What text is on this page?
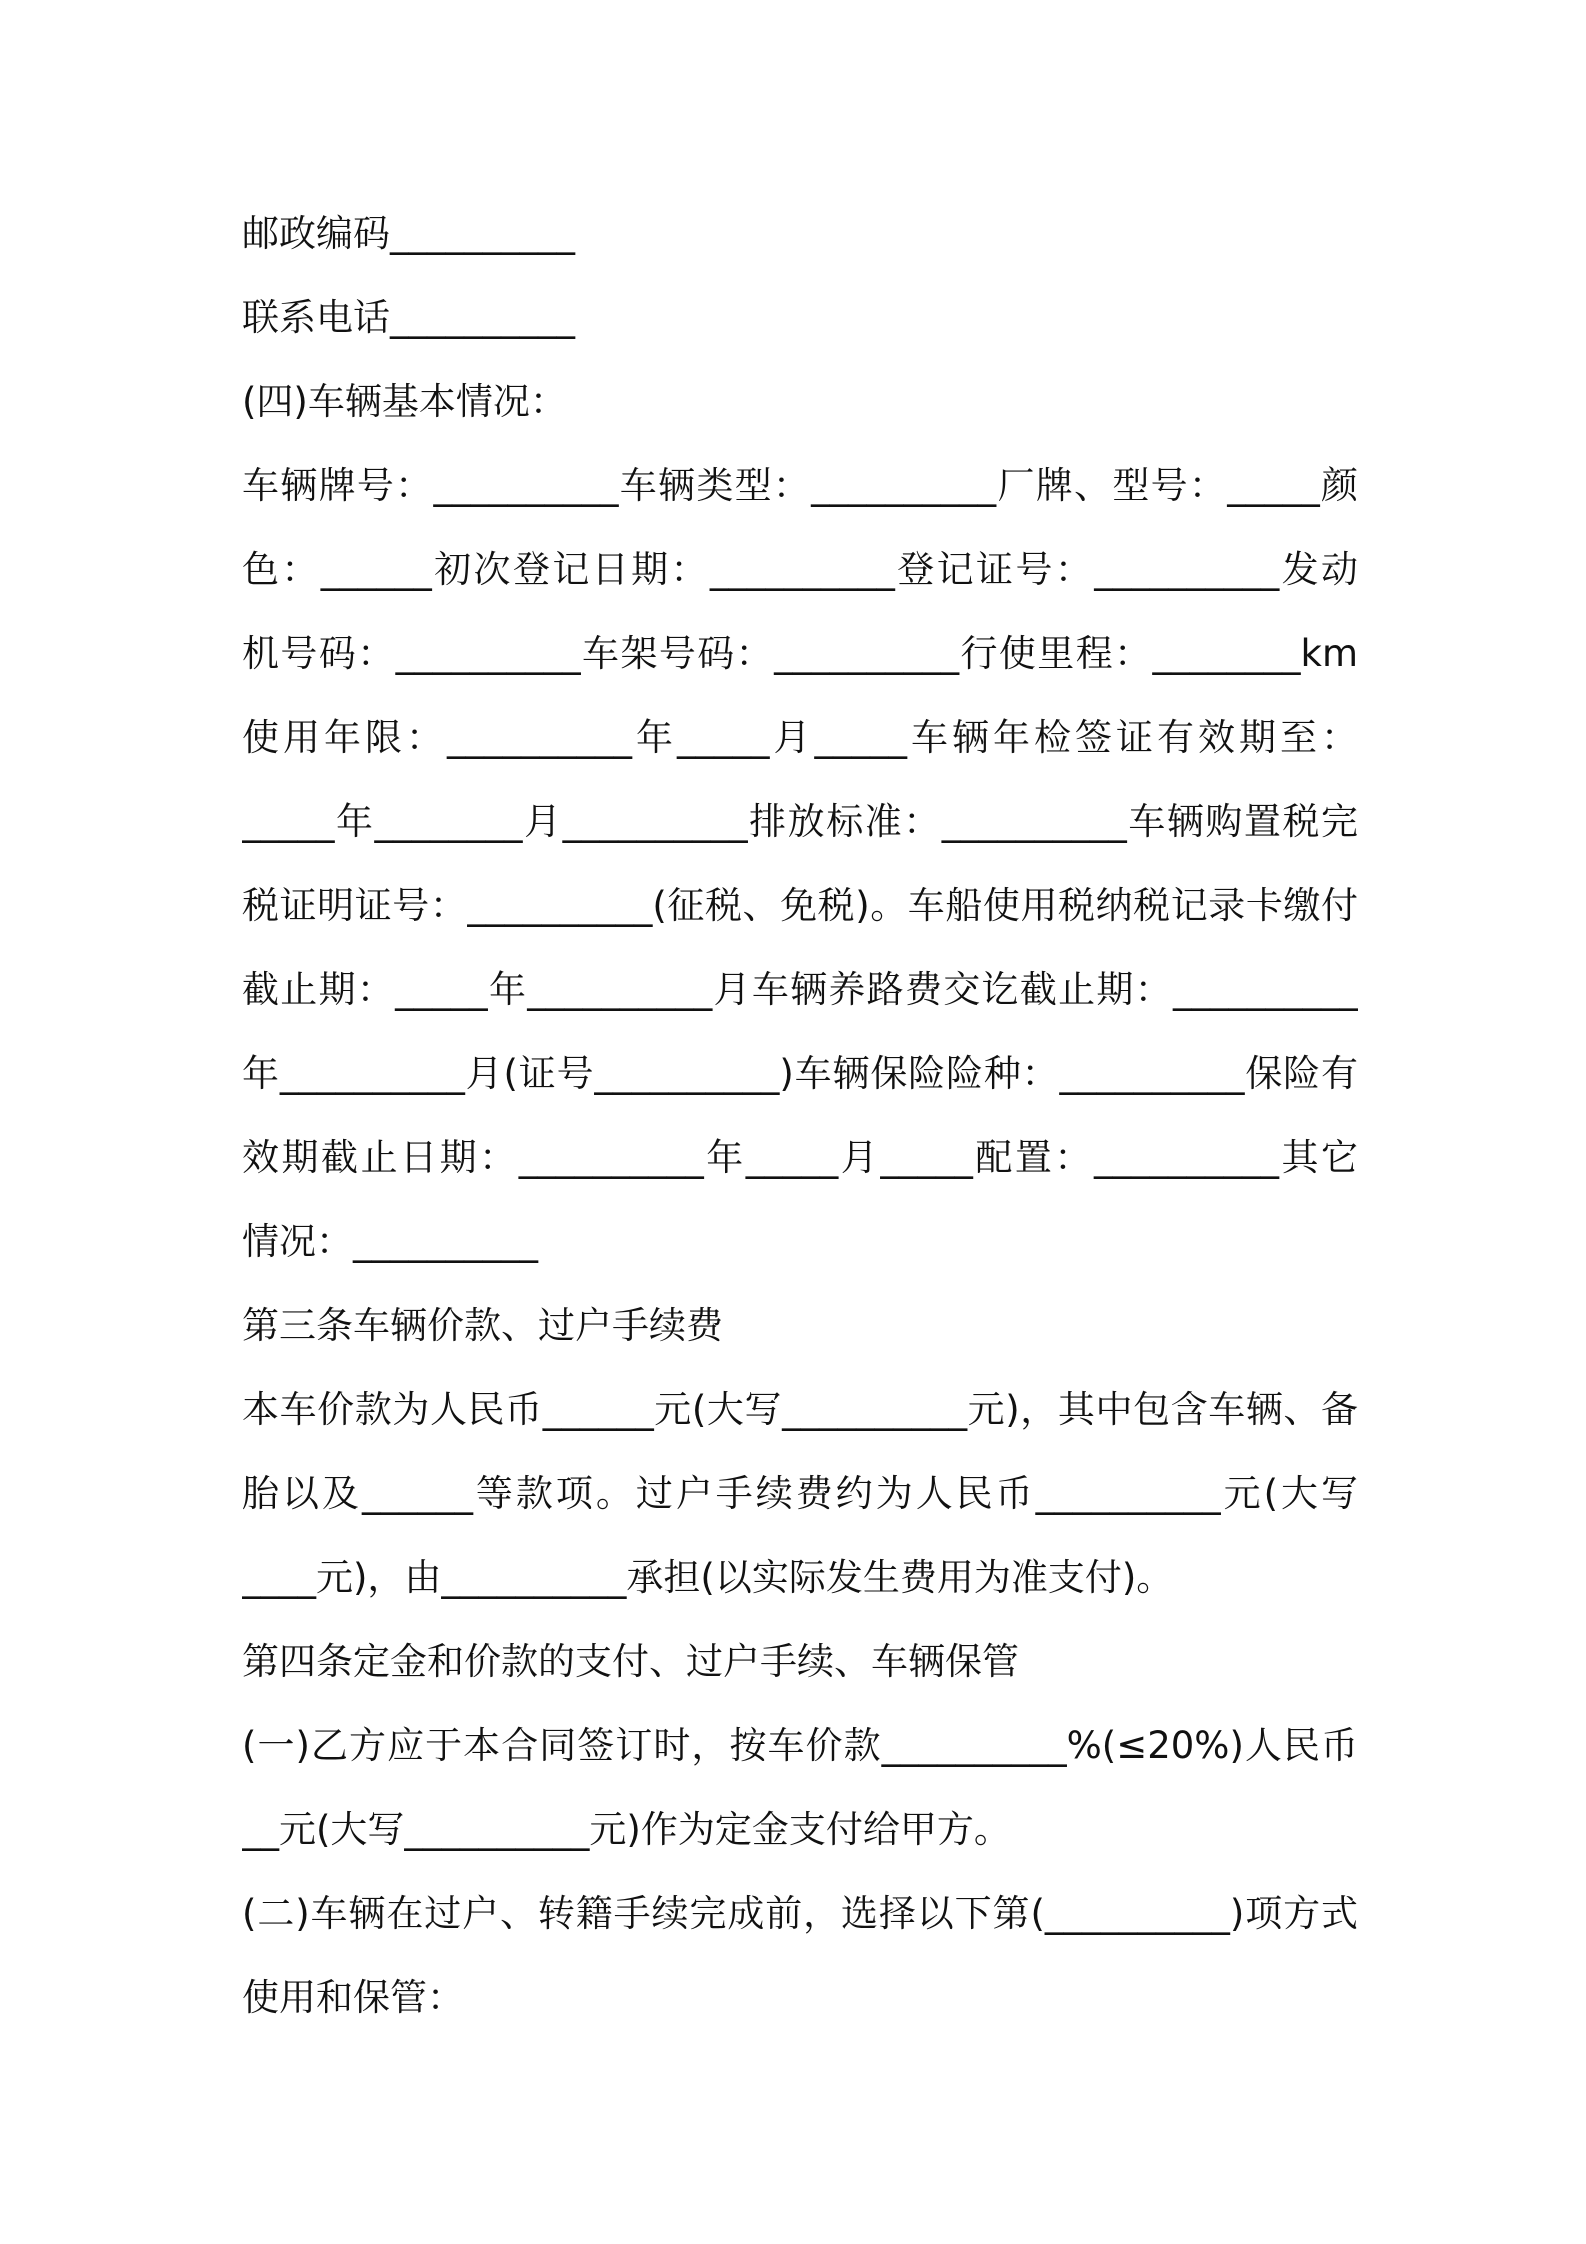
邮政编码__________
联系电话__________
(四)车辆基本情况：
车辆牌号：__________车辆类型：__________厂牌、型号：_____颜
色：______初次登记日期：__________登记证号：__________发动
机号码：__________车架号码：__________行使里程：________km
使用年限：__________年_____月_____车辆年检签证有效期至：
_____年________月__________排放标准：__________车辆购置税完
税证明证号：__________(征税、免税)。车船使用税纳税记录卡缴付
截止期：_____年__________月车辆养路费交讫截止期：__________
年__________月(证号__________)车辆保险险种：__________保险有
效期截止日期：__________年_____月_____配置：__________其它
情况：__________
第三条车辆价款、过户手续费
本车价款为人民币______元(大写__________元)，其中包含车辆、备
胎以及______等款项。过户手续费约为人民币__________元(大写
____元)，由__________承担(以实际发生费用为准支付)。
第四条定金和价款的支付、过户手续、车辆保管
(一)乙方应于本合同签订时，按车价款__________%(≤20%)人民币
__元(大写__________元)作为定金支付给甲方。
(二)车辆在过户、转籍手续完成前，选择以下第(__________)项方式
使用和保管：
